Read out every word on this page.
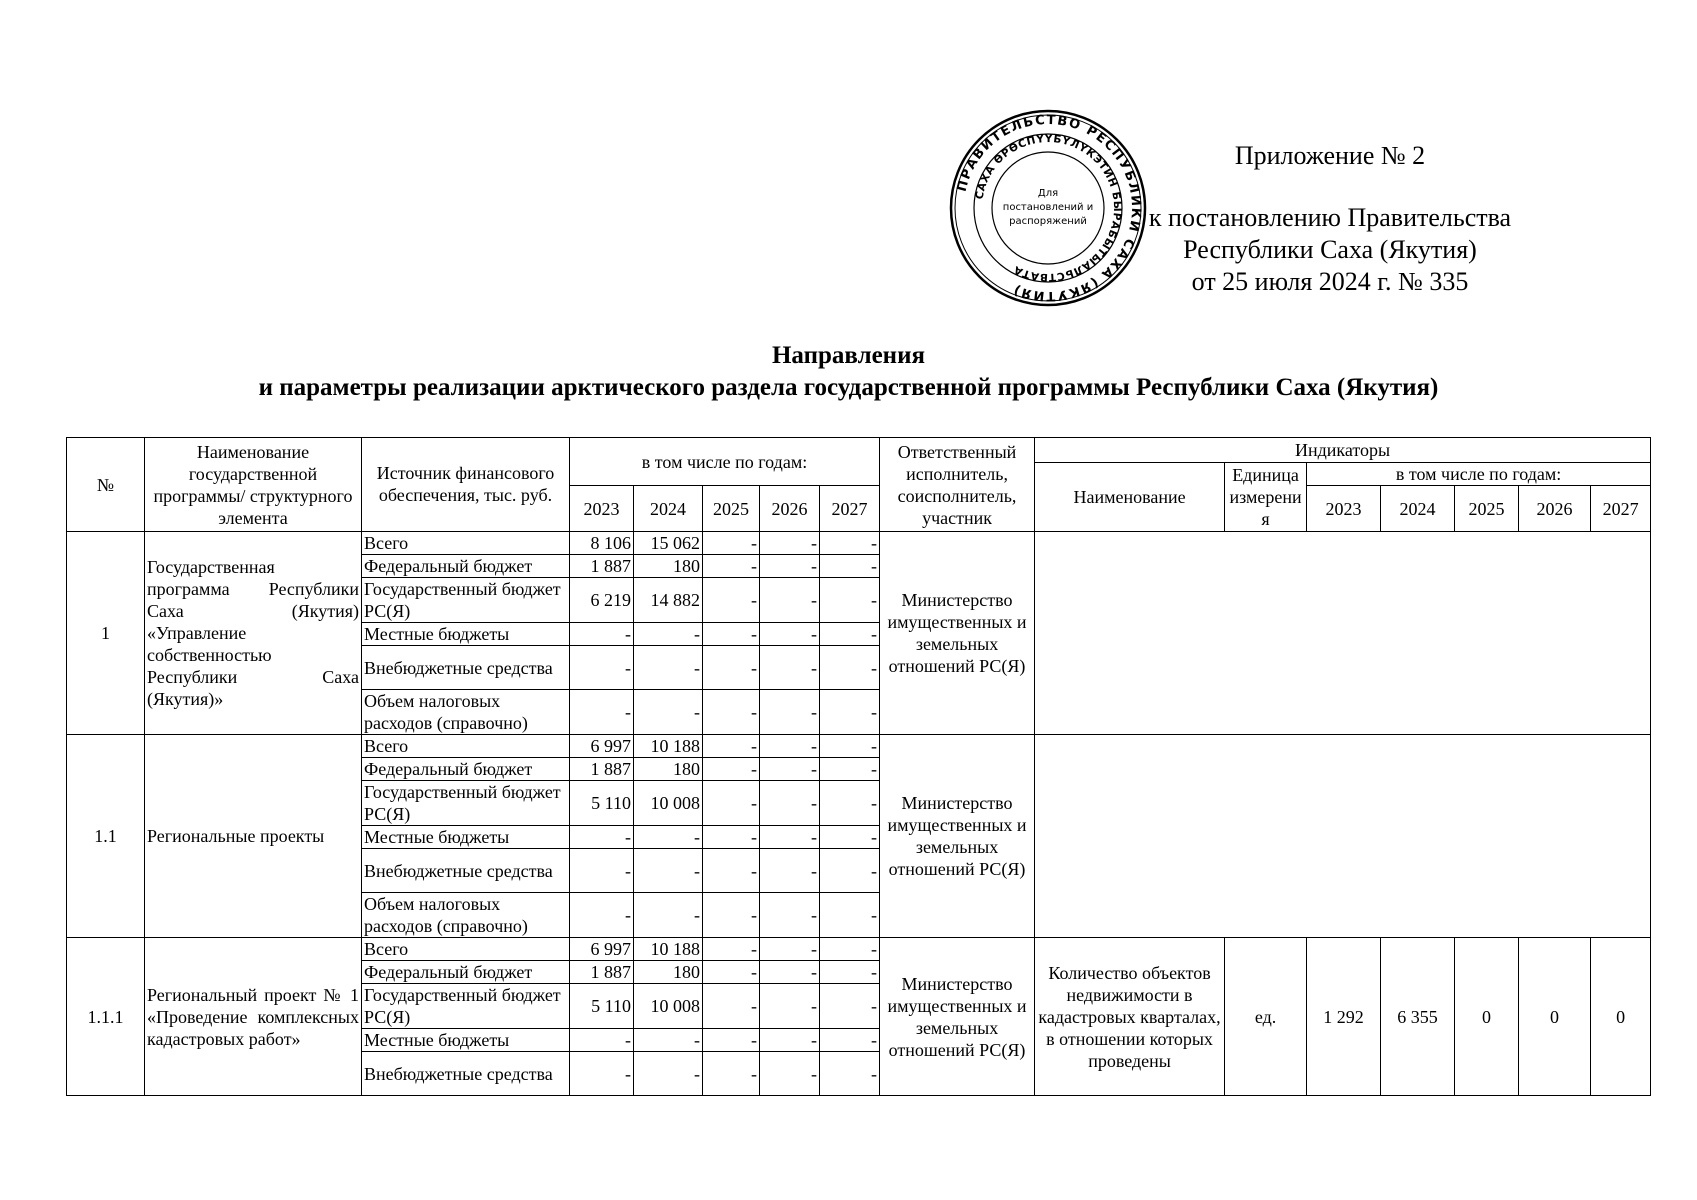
ПРАВИТЕЛЬСТВО РЕСПУБЛИКИ САХА (ЯКУТИЯ)
САХА ӨРӨСПҮҮБҮЛҮКЭТИН БЫРАБЫТЫАЛЬСТВАТА
Для
постановлений и
распоряжений
Приложение № 2
к постановлению Правительства
Республики Саха (Якутия)
от 25 июля 2024 г. № 335
Направления
и параметры реализации арктического раздела государственной программы Республики Саха (Якутия)
№	Наименование государственной программы/ структурного элемента	Источник финансового обеспечения, тыс. руб.	в том числе по годам:					Ответственный исполнитель, соисполнитель, участник	Индикаторы						
									Наименование	Единица измерения	в том числе по годам:				
			2023	2024	2025	2026	2027				2023	2024	2025	2026	2027
1	Государственная программа Республики Саха (Якутия) «Управление собственностью Республики Саха (Якутия)»	Всего	8 106	15 062	-	-	-	Министерство имущественных и земельных отношений РС(Я)							
		Федеральный бюджет	1 887	180	-	-	-								
		Государственный бюджет РС(Я)	6 219	14 882	-	-	-								
		Местные бюджеты	-	-	-	-	-								
		Внебюджетные средства	-	-	-	-	-								
		Объем налоговых расходов (справочно)	-	-	-	-	-								
1.1	Региональные проекты	Всего	6 997	10 188	-	-	-	Министерство имущественных и земельных отношений РС(Я)							
		Федеральный бюджет	1 887	180	-	-	-								
		Государственный бюджет РС(Я)	5 110	10 008	-	-	-								
		Местные бюджеты	-	-	-	-	-								
		Внебюджетные средства	-	-	-	-	-								
		Объем налоговых расходов (справочно)	-	-	-	-	-								
1.1.1	Региональный проект № 1 «Проведение комплексных кадастровых работ»	Всего	6 997	10 188	-	-	-	Министерство имущественных и земельных отношений РС(Я)	Количество объектов недвижимости в кадастровых кварталах, в отношении которых проведены	ед.	1 292	6 355	0	0	0
		Федеральный бюджет	1 887	180	-	-	-								
		Государственный бюджет РС(Я)	5 110	10 008	-	-	-								
		Местные бюджеты	-	-	-	-	-								
		Внебюджетные средства	-	-	-	-	-								
